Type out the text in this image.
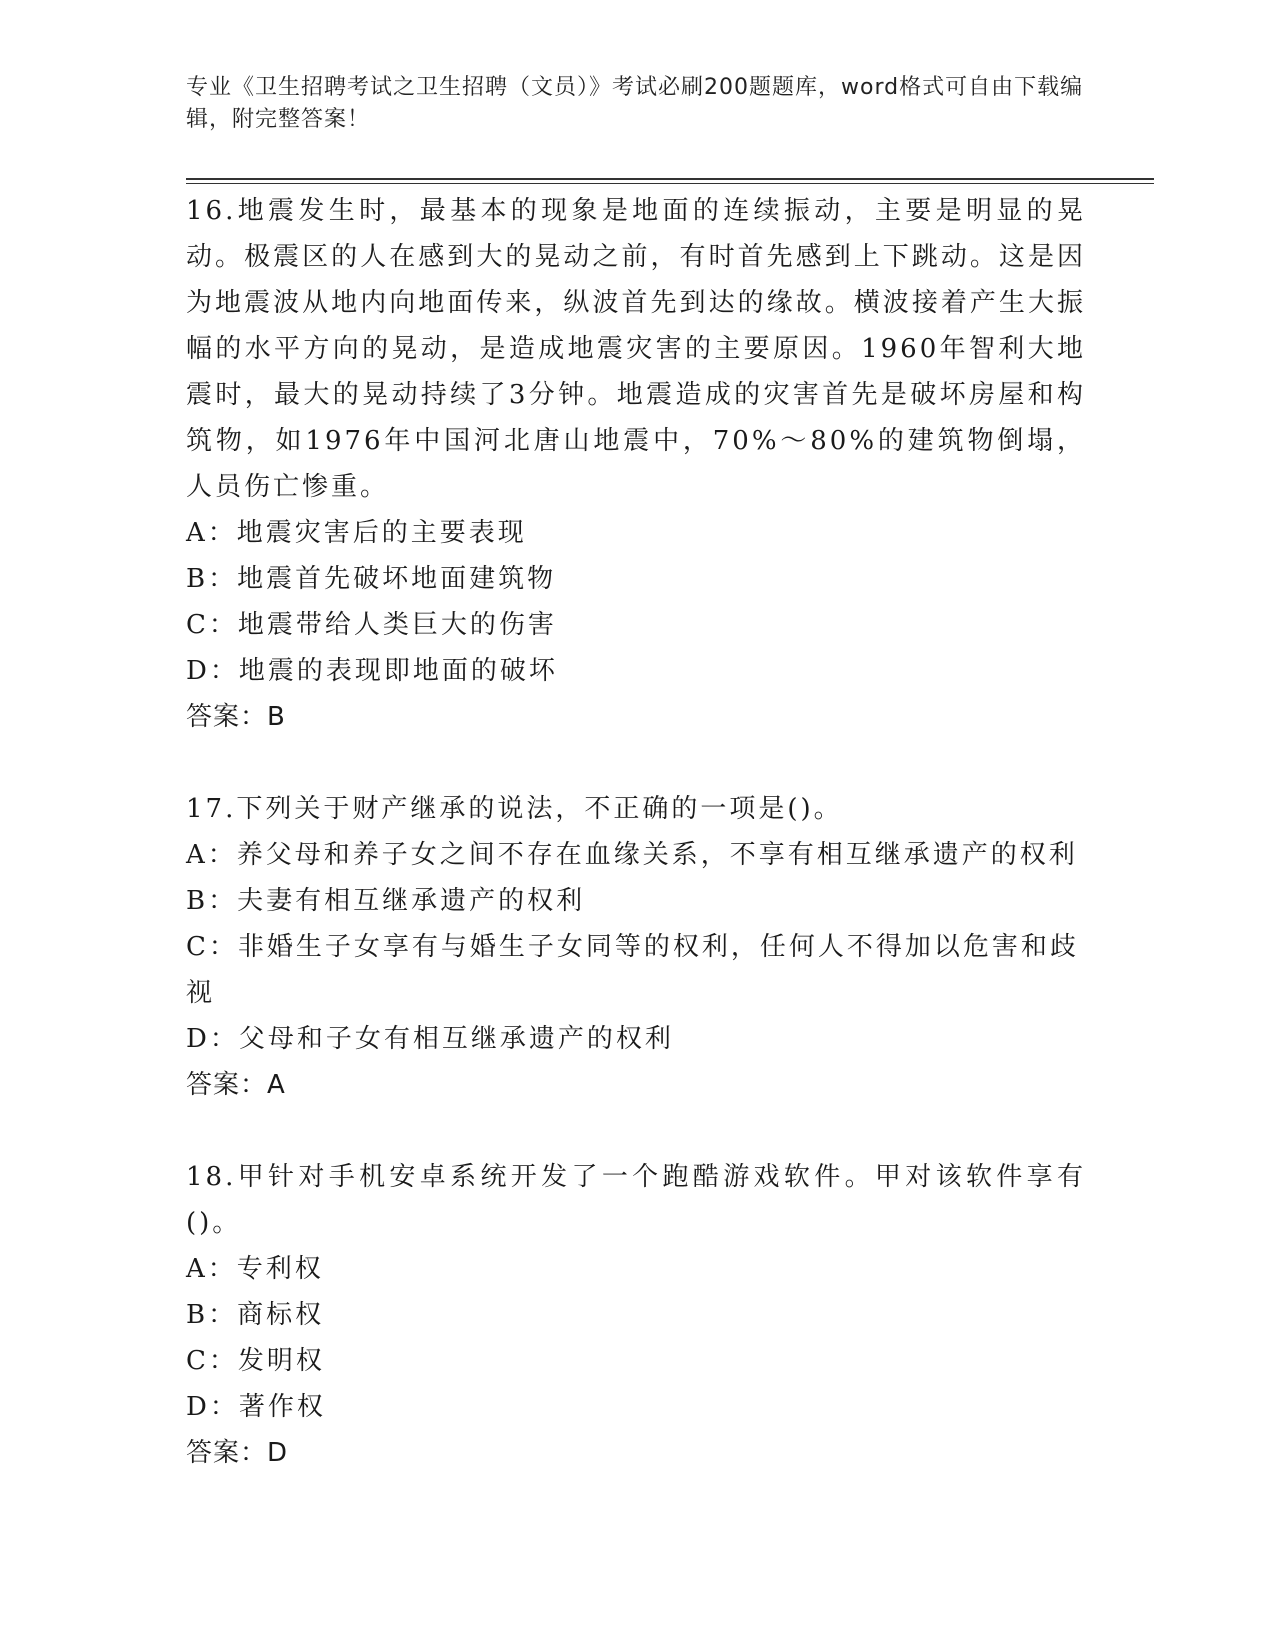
专业《卫生招聘考试之卫生招聘（文员）》考试必刷200题题库，word格式可自由下载编辑，附完整答案！

16.地震发生时，最基本的现象是地面的连续振动，主要是明显的晃动。极震区的人在感到大的晃动之前，有时首先感到上下跳动。这是因为地震波从地内向地面传来，纵波首先到达的缘故。横波接着产生大振幅的水平方向的晃动，是造成地震灾害的主要原因。1960年智利大地震时，最大的晃动持续了3分钟。地震造成的灾害首先是破坏房屋和构筑物，如1976年中国河北唐山地震中，70%～80%的建筑物倒塌，人员伤亡惨重。

A：地震灾害后的主要表现

B：地震首先破坏地面建筑物

C：地震带给人类巨大的伤害

D：地震的表现即地面的破坏

答案：B

17.下列关于财产继承的说法，不正确的一项是()。

A：养父母和养子女之间不存在血缘关系，不享有相互继承遗产的权利

B：夫妻有相互继承遗产的权利

C：非婚生子女享有与婚生子女同等的权利，任何人不得加以危害和歧视

D：父母和子女有相互继承遗产的权利

答案：A

18.甲针对手机安卓系统开发了一个跑酷游戏软件。甲对该软件享有()。

A：专利权

B：商标权

C：发明权

D：著作权

答案：D
